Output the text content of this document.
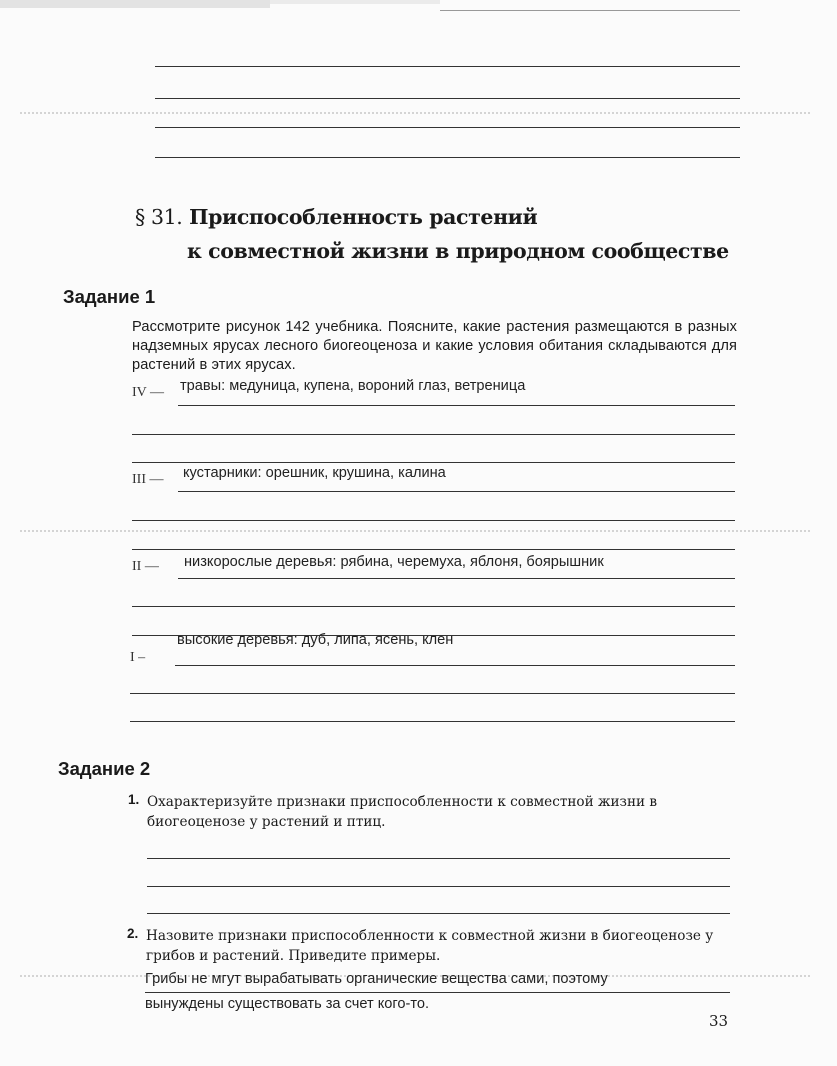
§ 31. Приспособленность растений
к совместной жизни в природном сообществе
Задание 1
Рассмотрите рисунок 142 учебника. Поясните, какие растения размещаются в разных надземных ярусах лесного биогеоценоза и какие условия обитания складываются для растений в этих ярусах.
IV — травы: медуница, купена, вороний глаз, ветреница
III — кустарники: орешник, крушина, калина
II — низкорослые деревья: рябина, черемуха, яблоня, боярышник
I –
высокие деревья: дуб, липа, ясень, клен
Задание 2
1. Охарактеризуйте признаки приспособленности к совместной жизни в биогеоценозе у растений и птиц.
2. Назовите признаки приспособленности к совместной жизни в биогеоценозе у грибов и растений. Приведите примеры.
Грибы не мгут вырабатывать органические вещества сами, поэтому
вынуждены существовать за счет кого-то.
33
